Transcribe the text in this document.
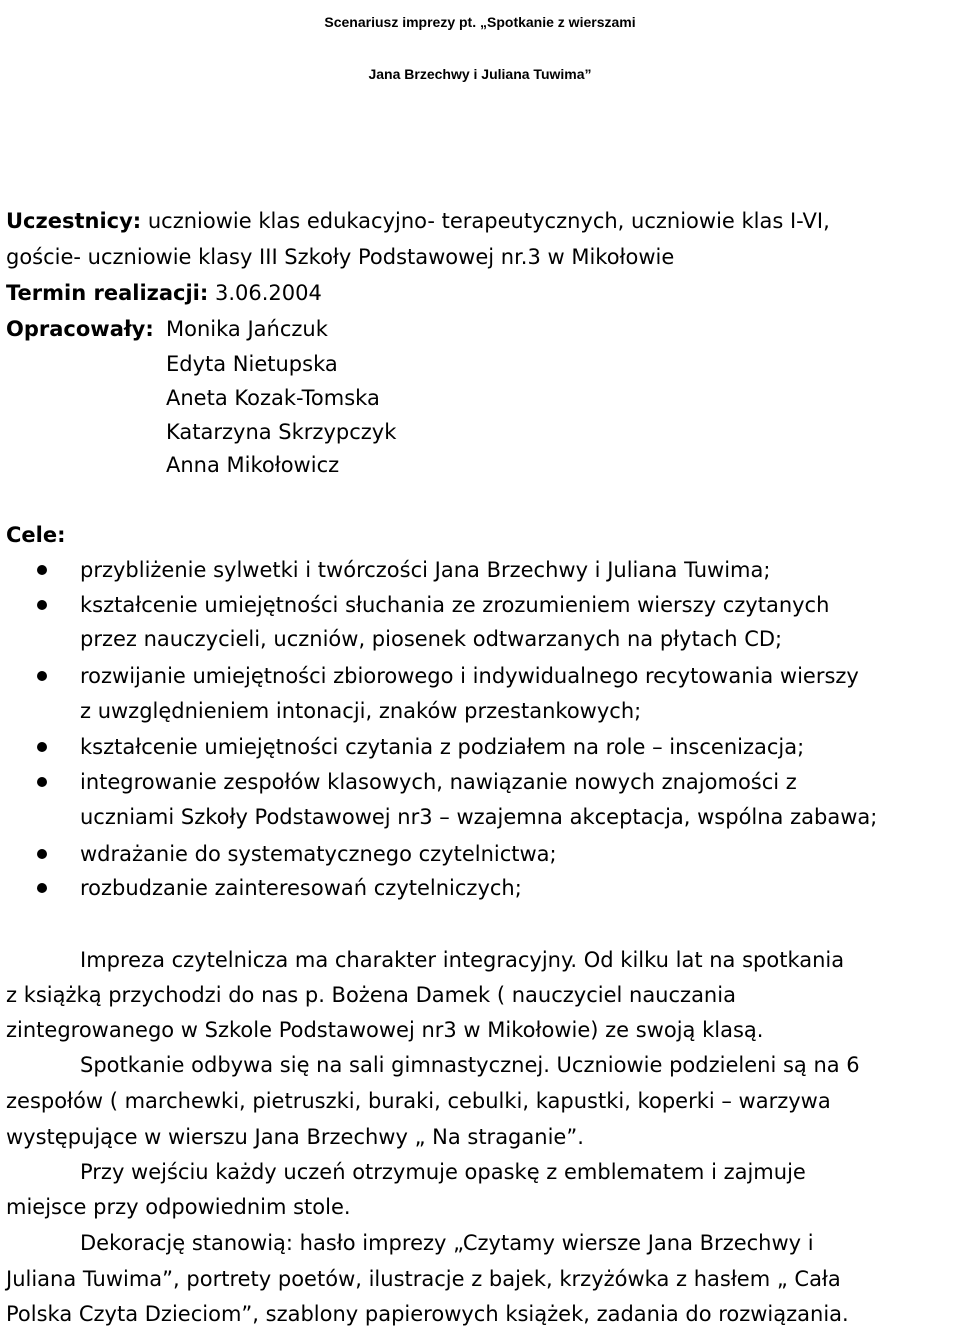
Scenariusz imprezy pt. „Spotkanie z wierszami
Jana Brzechwy i Juliana Tuwima”
Uczestnicy: uczniowie klas edukacyjno- terapeutycznych, uczniowie klas I-VI,
goście- uczniowie klasy III Szkoły Podstawowej nr.3 w Mikołowie
Termin realizacji: 3.06.2004
Opracowały: Monika Jańczuk
Edyta Nietupska
Aneta Kozak-Tomska
Katarzyna Skrzypczyk
Anna Mikołowicz
Cele:
przybliżenie sylwetki i twórczości Jana Brzechwy i Juliana Tuwima;
kształcenie umiejętności słuchania ze zrozumieniem wierszy czytanych
przez nauczycieli, uczniów, piosenek odtwarzanych na płytach CD;
rozwijanie umiejętności zbiorowego i indywidualnego recytowania wierszy
z uwzględnieniem intonacji, znaków przestankowych;
kształcenie umiejętności czytania z podziałem na role – inscenizacja;
integrowanie zespołów klasowych, nawiązanie nowych znajomości z
uczniami Szkoły Podstawowej nr3 – wzajemna akceptacja, wspólna zabawa;
wdrażanie do systematycznego czytelnictwa;
rozbudzanie zainteresowań czytelniczych;
Impreza czytelnicza ma charakter integracyjny. Od kilku lat na spotkania
z książką przychodzi do nas p. Bożena Damek ( nauczyciel nauczania
zintegrowanego w Szkole Podstawowej nr3 w Mikołowie) ze swoją klasą.
Spotkanie odbywa się na sali gimnastycznej. Uczniowie podzieleni są na 6
zespołów ( marchewki, pietruszki, buraki, cebulki, kapustki, koperki – warzywa
występujące w wierszu Jana Brzechwy „ Na straganie”.
Przy wejściu każdy uczeń otrzymuje opaskę z emblematem i zajmuje
miejsce przy odpowiednim stole.
Dekorację stanowią: hasło imprezy „Czytamy wiersze Jana Brzechwy i
Juliana Tuwima”, portrety poetów, ilustracje z bajek, krzyżówka z hasłem „ Cała
Polska Czyta Dzieciom”, szablony papierowych książek, zadania do rozwiązania.
